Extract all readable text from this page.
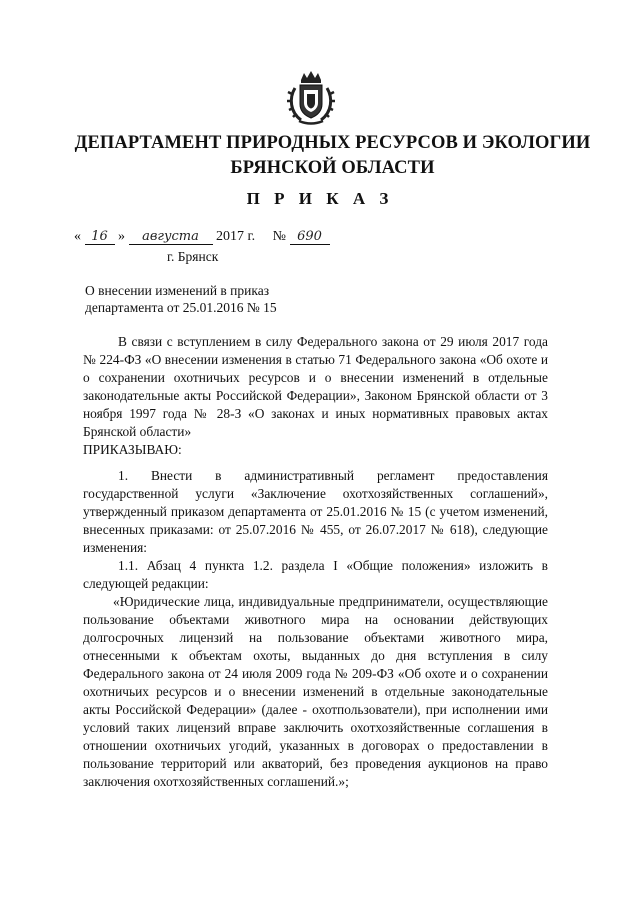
ДЕПАРТАМЕНТ ПРИРОДНЫХ РЕСУРСОВ И ЭКОЛОГИИ
БРЯНСКОЙ ОБЛАСТИ
П Р И К А З
« 16 » августа 2017 г. № 690
г. Брянск
О внесении изменений в приказ
департамента от 25.01.2016 № 15

В связи с вступлением в силу Федерального закона от 29 июля 2017 года № 224-ФЗ «О внесении изменения в статью 71 Федерального закона «Об охоте и о сохранении охотничьих ресурсов и о внесении изменений в отдельные законодательные акты Российской Федерации», Законом Брянской области от 3 ноября 1997 года № 28-З «О законах и иных нормативных правовых актах Брянской области»

ПРИКАЗЫВАЮ:

1. Внести в административный регламент предоставления государственной услуги «Заключение охотхозяйственных соглашений», утвержденный приказом департамента от 25.01.2016 № 15 (с учетом изменений, внесенных приказами: от 25.07.2016 № 455, от 26.07.2017 № 618), следующие изменения:

1.1. Абзац 4 пункта 1.2. раздела I «Общие положения» изложить в следующей редакции:

«Юридические лица, индивидуальные предприниматели, осуществляющие пользование объектами животного мира на основании действующих долгосрочных лицензий на пользование объектами животного мира, отнесенными к объектам охоты, выданных до дня вступления в силу Федерального закона от 24 июля 2009 года № 209-ФЗ «Об охоте и о сохранении охотничьих ресурсов и о внесении изменений в отдельные законодательные акты Российской Федерации» (далее - охотпользователи), при исполнении ими условий таких лицензий вправе заключить охотхозяйственные соглашения в отношении охотничьих угодий, указанных в договорах о предоставлении в пользование территорий или акваторий, без проведения аукционов на право заключения охотхозяйственных соглашений.»;
